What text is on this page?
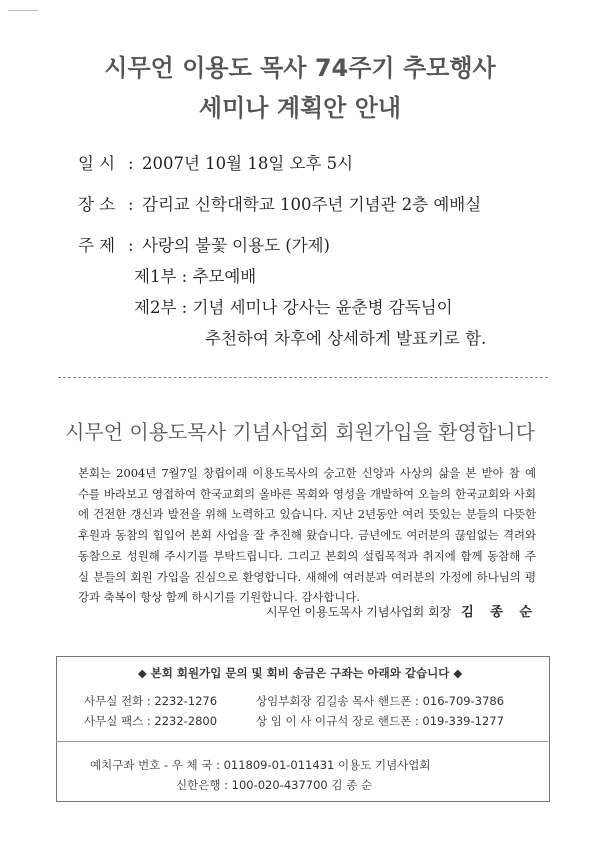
시무언 이용도 목사 74주기 추모행사
세미나 계획안 안내
일 시 : 2007년 10월 18일 오후 5시
장 소 : 감리교 신학대학교 100주년 기념관 2층 예배실
주 제 : 사랑의 불꽃 이용도 (가제)
제1부 : 추모예배
제2부 : 기념 세미나 강사는 윤춘병 감독님이
추천하여 차후에 상세하게 발표키로 함.
시무언 이용도목사 기념사업회 회원가입을 환영합니다
본회는 2004년 7월7일 창립이래 이용도목사의 숭고한 신앙과 사상의 삶을 본 받아 참 예
수를 바라보고 영접하여 한국교회의 올바른 목회와 영성을 개발하여 오늘의 한국교회와 사회
에 건전한 갱신과 발전을 위해 노력하고 있습니다. 지난 2년동안 여러 뜻있는 분들의 다뜻한
후원과 동참의 힘입어 본회 사업을 잘 추진해 왔습니다. 금년에도 여러분의 끊임없는 격려와
동참으로 성원해 주시기를 부탁드립니다. 그리고 본회의 설립목적과 취지에 함께 동참해 주
실 분들의 회원 가입을 진심으로 환영합니다. 새해에 여러분과 여러분의 가정에 하나님의 평
강과 축복이 항상 함께 하시기를 기원합니다. 감사합니다.
시무언 이용도목사 기념사업회 회장 김 종 순
◆ 본회 회원가입 문의 및 회비 송금은 구좌는 아래와 같습니다 ◆
사무실 전화 : 2232-1276
사무실 팩스 : 2232-2800
상임부회장 김길송 목사 핸드폰 : 016-709-3786
상 임 이 사 이규석 장로 핸드폰 : 019-339-1277
예치구좌 번호 - 우 체 국 : 011809-01-011431 이용도 기념사업회
신한은행 : 100-020-437700 김 종 순
